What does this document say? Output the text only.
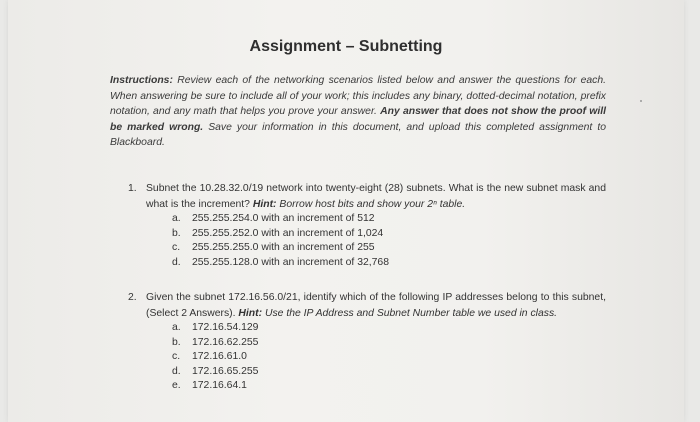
Assignment – Subnetting
Instructions: Review each of the networking scenarios listed below and answer the questions for each. When answering be sure to include all of your work; this includes any binary, dotted-decimal notation, prefix notation, and any math that helps you prove your answer. Any answer that does not show the proof will be marked wrong. Save your information in this document, and upload this completed assignment to Blackboard.
1. Subnet the 10.28.32.0/19 network into twenty-eight (28) subnets. What is the new subnet mask and what is the increment? Hint: Borrow host bits and show your 2ⁿ table.
a. 255.255.254.0 with an increment of 512
b. 255.255.252.0 with an increment of 1,024
c. 255.255.255.0 with an increment of 255
d. 255.255.128.0 with an increment of 32,768
2. Given the subnet 172.16.56.0/21, identify which of the following IP addresses belong to this subnet, (Select 2 Answers). Hint: Use the IP Address and Subnet Number table we used in class.
a. 172.16.54.129
b. 172.16.62.255
c. 172.16.61.0
d. 172.16.65.255
e. 172.16.64.1
